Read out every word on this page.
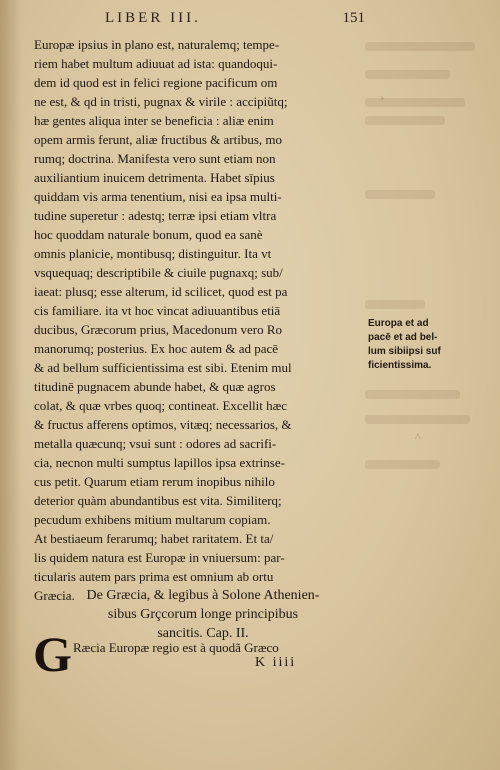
›
^
LIBER III.	151
Europæ ipsius in plano est, naturalemq; tempe-
riem habet multum adiuuat ad ista: quandoqui-
dem id quod est in felici regione pacificum om
ne est, & qd in tristi, pugnax & virile : accipiũtq;
hæ gentes aliqua inter se beneficia : aliæ enim
opem armis ferunt, aliæ fructibus & artibus, mo
rumq; doctrina. Manifesta vero sunt etiam non
auxiliantium inuicem detrimenta. Habet sīpius
quiddam vis arma tenentium, nisi ea ipsa multi-
tudine superetur : adestq; terræ ipsi etiam vltra
hoc quoddam naturale bonum, quod ea sanè
omnis planicie, montibusq; distinguitur. Ita vt
vsquequaq; descriptibile & ciuile pugnaxq; sub/
iaeat: plusq; esse alterum, id scilicet, quod est pa
cis familiare. ita vt hoc vincat adiuuantibus etiā
ducibus, Græcorum prius, Macedonum vero Ro
manorumq; posterius. Ex hoc autem & ad pacē
& ad bellum sufficientissima est sibi. Etenim mul
titudinē pugnacem abunde habet, & quæ agros
colat, & quæ vrbes quoq; contineat. Excellit hæc
& fructus afferens optimos, vitæq; necessarios, &
metalla quæcunq; vsui sunt : odores ad sacrifi-
cia, necnon multi sumptus lapillos ipsa extrinse-
cus petit. Quarum etiam rerum inopibus nihilo
deterior quàm abundantibus est vita. Similiterq;
pecudum exhibens mitium multarum copiam.
At bestiaeum ferarumq; habet raritatem. Et ta/
lis quidem natura est Europæ in vniuersum: par-
ticularis autem pars prima est omnium ab ortu
Græcia.
Europa et ad
pacē et ad bel-
lum sibiipsi suf
ficientissima.
De Græcia, & legibus à Solone Athenien-
sibus Grçcorum longe principibus
sancitis. Cap. II.
G Ræcia Europæ regio est à quodã Græco
K iiii
